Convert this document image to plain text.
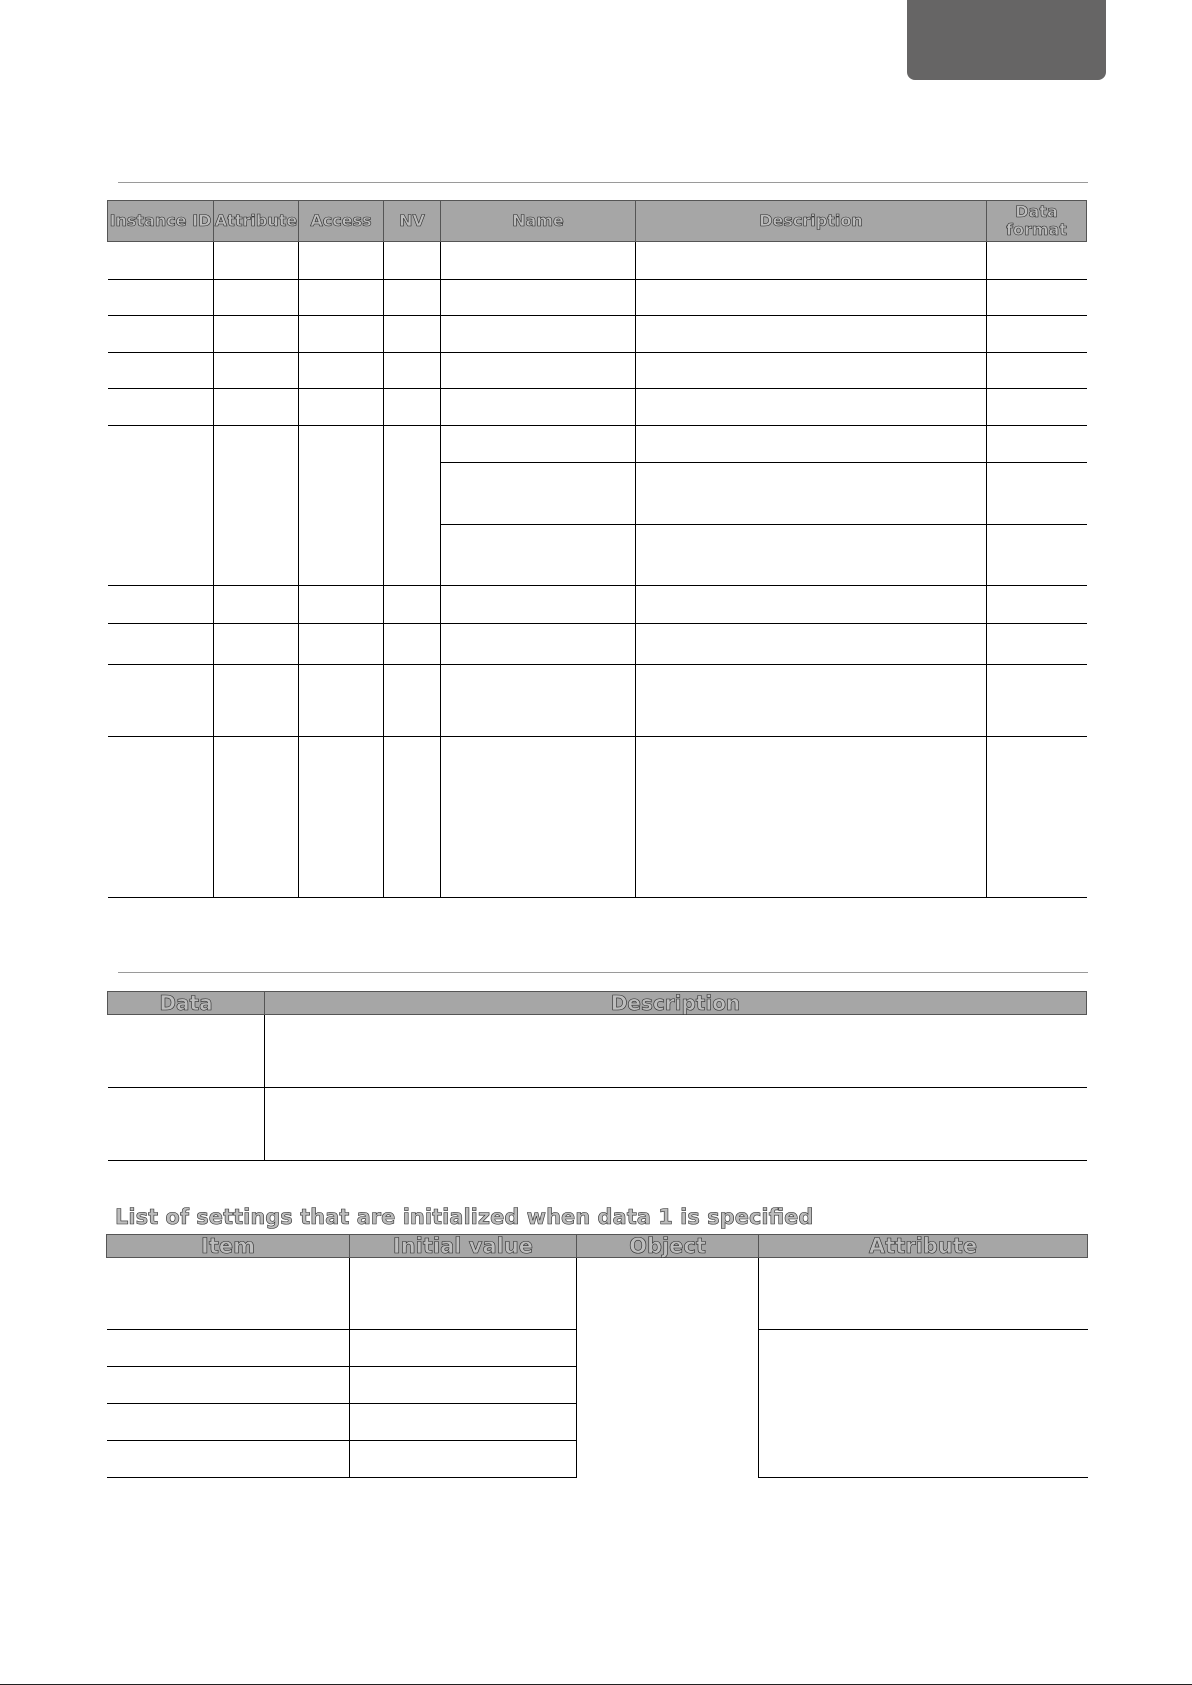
Instance ID	Attribute	Access	NV	Name	Description	Data format

Data	Description

List of settings that are initialized when data 1 is specified
Item	Initial value	Object	Attribute
